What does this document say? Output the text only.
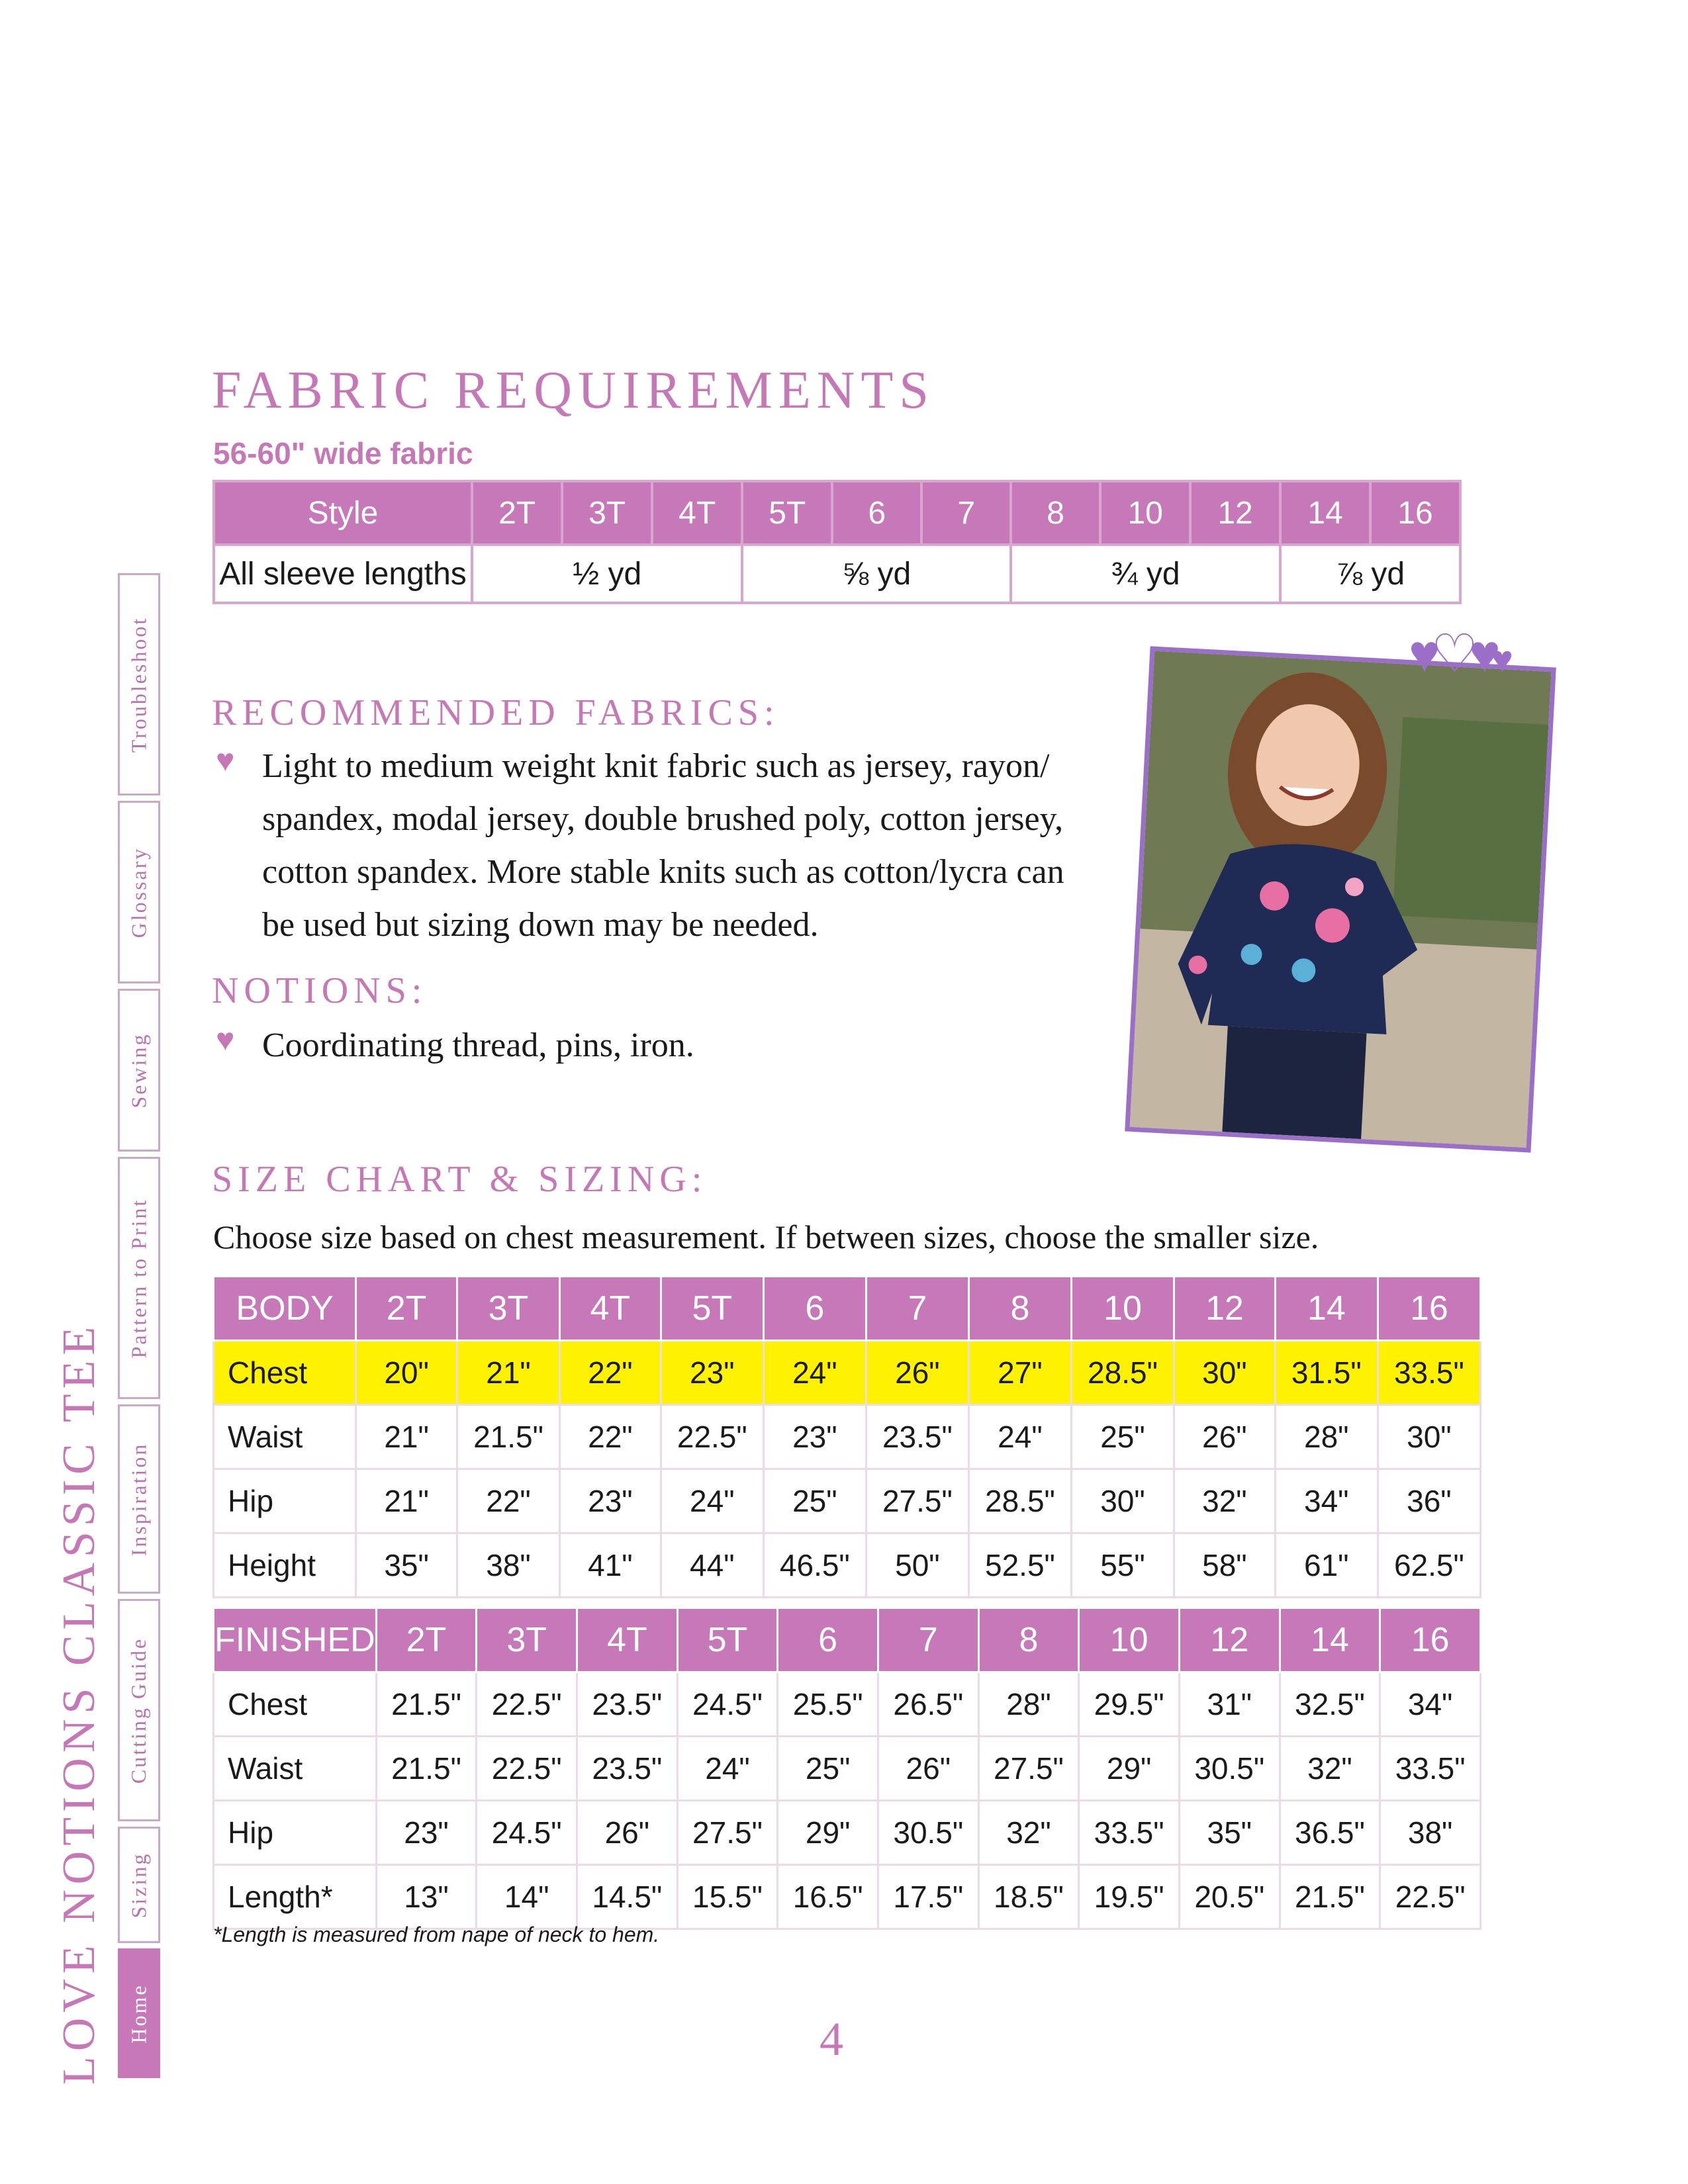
FABRIC REQUIREMENTS
56-60" wide fabric
Style	2T	3T	4T	5T	6	7	8	10	12	14	16
All sleeve lengths	½ yd			⅝ yd			¾ yd			⅞ yd	
RECOMMENDED FABRICS:
♥ Light to medium weight knit fabric such as jersey, rayon/
spandex, modal jersey, double brushed poly, cotton jersey,
cotton spandex. More stable knits such as cotton/lycra can
be used but sizing down may be needed.
NOTIONS:
♥ Coordinating thread, pins, iron.
♥♡♥♥
SIZE CHART & SIZING:
Choose size based on chest measurement. If between sizes, choose the smaller size.
BODY	2T	3T	4T	5T	6	7	8	10	12	14	16
Chest	20"	21"	22"	23"	24"	26"	27"	28.5"	30"	31.5"	33.5"
Waist	21"	21.5"	22"	22.5"	23"	23.5"	24"	25"	26"	28"	30"
Hip	21"	22"	23"	24"	25"	27.5"	28.5"	30"	32"	34"	36"
Height	35"	38"	41"	44"	46.5"	50"	52.5"	55"	58"	61"	62.5"
FINISHED	2T	3T	4T	5T	6	7	8	10	12	14	16
Chest	21.5"	22.5"	23.5"	24.5"	25.5"	26.5"	28"	29.5"	31"	32.5"	34"
Waist	21.5"	22.5"	23.5"	24"	25"	26"	27.5"	29"	30.5"	32"	33.5"
Hip	23"	24.5"	26"	27.5"	29"	30.5"	32"	33.5"	35"	36.5"	38"
Length*	13"	14"	14.5"	15.5"	16.5"	17.5"	18.5"	19.5"	20.5"	21.5"	22.5"
*Length is measured from nape of neck to hem.
4
LOVE NOTIONS CLASSIC TEE
Troubleshoot
Glossary
Sewing
Pattern to Print
Inspiration
Cutting Guide
Sizing
Home
